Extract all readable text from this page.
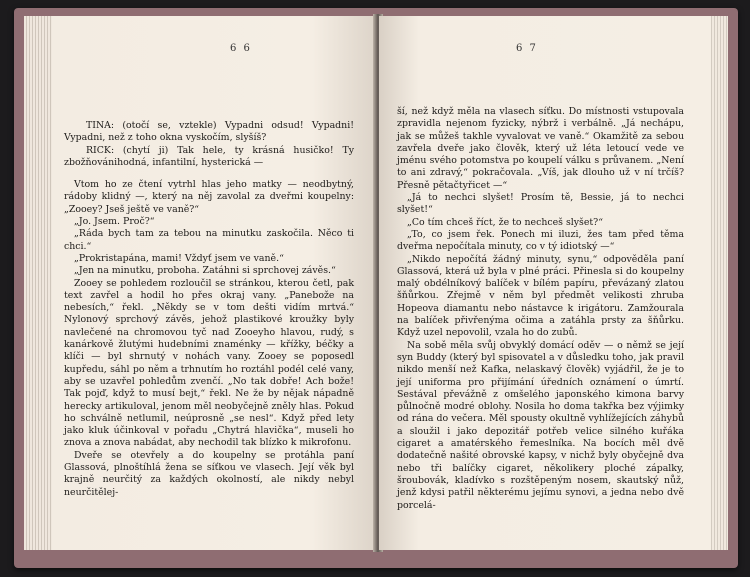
6 6

TINA: (otočí se, vztekle) Vypadni odsud! Vypadni! Vypadni, než z toho okna vyskočím, slyšíš?

RICK: (chytí ji) Tak hele, ty krásná husičko! Ty zbožňovánihodná, infantilní, hysterická —

Vtom ho ze čtení vytrhl hlas jeho matky — neodbytný, rádoby klidný —, který na něj zavolal za dveřmi koupelny: „Zooey? Jseš ještě ve vaně?“

„Jo. Jsem. Proč?“

„Ráda bych tam za tebou na minutku zaskočila. Něco ti chci.“

„Prokristapána, mami! Vždyť jsem ve vaně.“

„Jen na minutku, proboha. Zatáhni si sprchovej závěs.“

Zooey se pohledem rozloučil se stránkou, kterou četl, pak text zavřel a hodil ho přes okraj vany. „Panebože na nebesích,“ řekl. „Někdy se v tom dešti vidím mrtvá.“ Nylonový sprchový závěs, jehož plastikové kroužky byly navlečené na chromovou tyč nad Zooeyho hlavou, rudý, s kanárkově žlutými hudebními znaménky — křížky, béčky a klíči — byl shrnutý v nohách vany. Zooey se poposedl kupředu, sáhl po něm a trhnutím ho roztáhl podél celé vany, aby se uzavřel pohledům zvenčí. „No tak dobře! Ach bože! Tak pojď, když to musí bejt,“ řekl. Ne že by nějak nápadně herecky artikuloval, jenom měl neobyčejně zněly hlas. Pokud ho schválně netlumil, neúprosně „se nesl“. Když před lety jako kluk účinkoval v pořadu „Chytrá hlavička“, museli ho znova a znova nabádat, aby nechodil tak blízko k mikrofonu.

Dveře se otevřely a do koupelny se protáhla paní Glassová, plnoštíhlá žena se síťkou ve vlasech. Její věk byl krajně neurčitý za každých okolností, ale nikdy nebyl neurčitělej-

6 7

ší, než když měla na vlasech síťku. Do místnosti vstupovala zpravidla nejenom fyzicky, nýbrž i verbálně. „Já nechápu, jak se můžeš takhle vyvalovat ve vaně.“ Okamžitě za sebou zavřela dveře jako člověk, který už léta letoucí vede ve jménu svého potomstva po koupelí válku s průvanem. „Není to ani zdravý,“ pokračovala. „Víš, jak dlouho už v ní trčíš? Přesně pětačtyřicet —“

„Já to nechci slyšet! Prosím tě, Bessie, já to nechci slyšet!“

„Co tím chceš říct, že to nechceš slyšet?“

„To, co jsem řek. Ponech mi iluzi, žes tam před těma dveřma nepočítala minuty, co v tý idiotský —“

„Nikdo nepočítá žádný minuty, synu,“ odpověděla paní Glassová, která už byla v plné práci. Přinesla si do koupelny malý obdélníkový balíček v bílém papíru, převázaný zlatou šňůrkou. Zřejmě v něm byl předmět velikosti zhruba Hopeova diamantu nebo nástavce k irigátoru. Zamžourala na balíček přivřenýma očima a zatáhla prsty za šňůrku. Když uzel nepovolil, vzala ho do zubů.

Na sobě měla svůj obvyklý domácí oděv — o němž se její syn Buddy (který byl spisovatel a v důsledku toho, jak pravil nikdo menší než Kafka, nelaskavý člověk) vyjádřil, že je to její uniforma pro přijímání úředních oznámení o úmrtí. Sestával převážně z omšelého japonského kimona barvy půlnočně modré oblohy. Nosila ho doma takřka bez výjimky od rána do večera. Měl spousty okultně vyhlížejících záhybů a sloužil i jako depozitář potřeb velice silného kuřáka cigaret a amatérského řemeslníka. Na bocích měl dvě dodatečně našité obrovské kapsy, v nichž byly obyčejně dva nebo tři balíčky cigaret, několikery ploché zápalky, šroubovák, kladívko s rozštěpeným nosem, skautský nůž, jenž kdysi patřil některému jejímu synovi, a jedna nebo dvě porcelá-
